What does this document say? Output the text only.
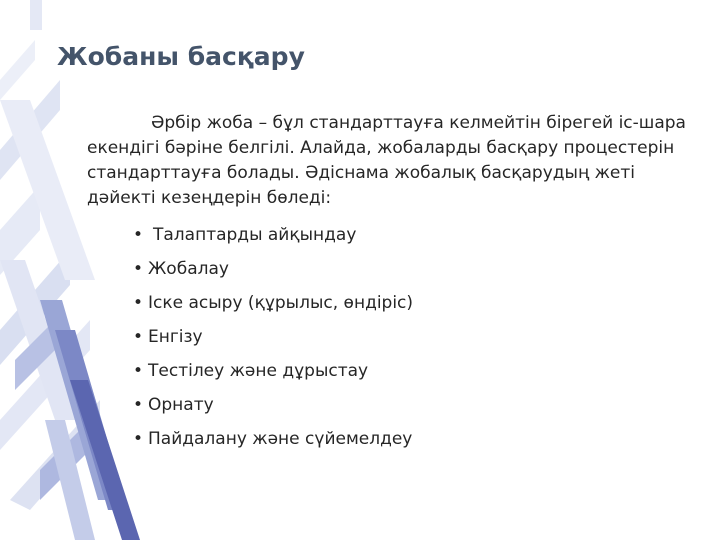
Жобаны басқару

Әрбір жоба – бұл стандарттауға келмейтін бірегей іс-шара екендігі бәріне белгілі. Алайда, жобаларды басқару процестерін стандарттауға болады. Әдіснама жобалық басқарудың жеті дәйекті кезеңдерін бөледі:

• Талаптарды айқындау
• Жобалау
• Іске асыру (құрылыс, өндіріс)
• Енгізу
• Тестілеу және дұрыстау
• Орнату
• Пайдалану және сүйемелдеу
